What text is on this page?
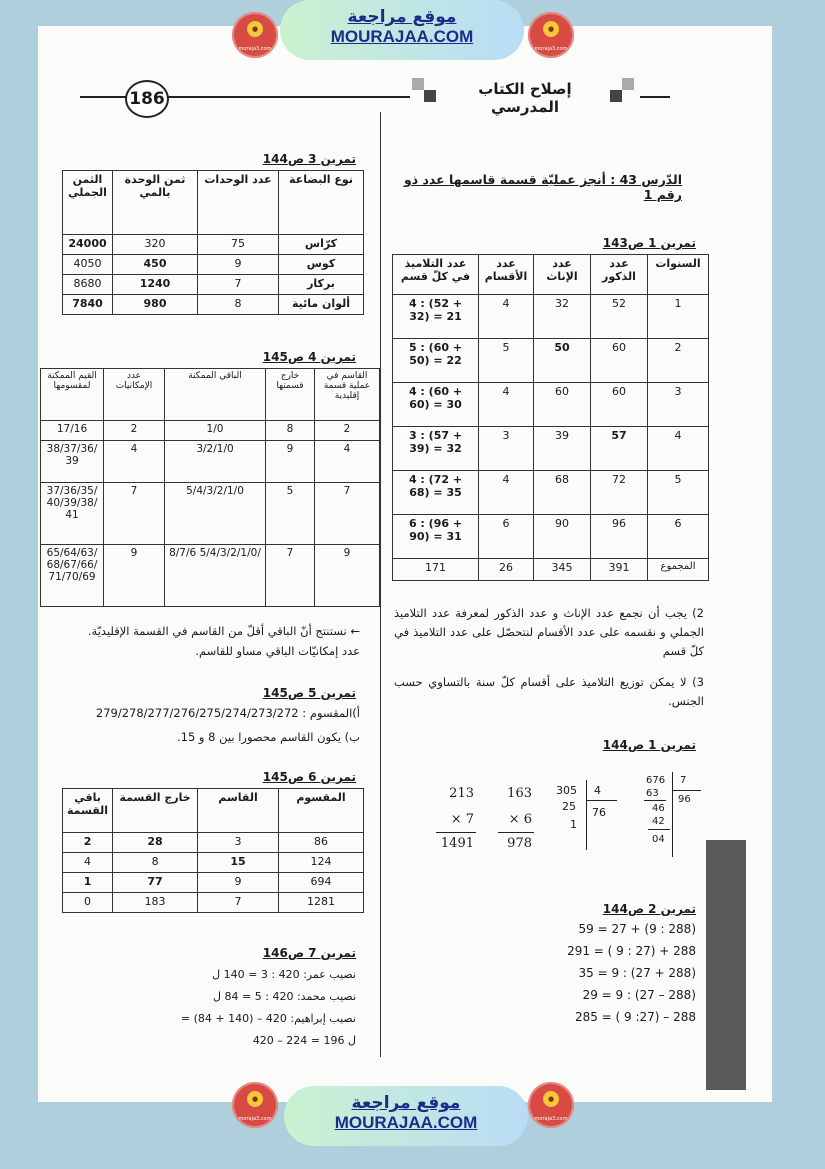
●
moraja3.com
موقع مراجعة
MOURAJAA.COM	●
moraja3.com
186	إصلاح الكتاب المدرسي
الدّرس 43 : أنجز عمليّة قسمة قاسمها عدد ذو رقم 1
تمرين 1 ص143
السنوات	عدد الذكور	عدد الإناث	عدد الأقسام	عدد التلاميذ في كلّ قسم
1	52	32	4	4 : (52 + 32) = 21
2	60	50	5	5 : (60 + 50) = 22
3	60	60	4	4 : (60 + 60) = 30
4	57	39	3	3 : (57 + 39) = 32
5	72	68	4	4 : (72 + 68) = 35
6	96	90	6	6 : (96 + 90) = 31
المجموع	391	345	26	171
2) يجب أن نجمع عدد الإناث و عدد الذكور لمعرفة عدد التلاميذ الجملي و نقسمه على عدد الأقسام لنتحصّل على عدد التلاميذ في كلّ قسم
3) لا يمكن توزيع التلاميذ على أقسام كلّ سنة بالتساوي حسب الجنس.
تمرين 1 ص144
213
× 7
1491
163
× 6
978
305
25
1
4
76
676
63
46
42
04
7
96
تمرين 2 ص144
59 = 27 + (9 : 288)
291 = ( 9 : 27) + 288
35 = 9 : (27 + 288)
29 = 9 : (27 – 288)
285 = ( 9 :27) – 288
تمرين 3 ص144
نوع البضاعة	عدد الوحدات	ثمن الوحدة بالمي	الثمن الجملي
كرّاس	75	320	24000
كوس	9	450	4050
بركار	7	1240	8680
ألوان مائية	8	980	7840
تمرين 4 ص145
القاسم في عملية قسمة إقليدية	خارج قسمتها	الباقي الممكنة	عدد الإمكانيات	القيم الممكنة لمقسومها
2	8	1/0	2	17/16
4	9	3/2/1/0	4	/38/37/36 39
7	5	5/4/3/2/1/0	7	/37/36/35 /40/39/38 41
9	7	/5/4/3/2/1/0 8/7/6	9	/65/64/63 /68/67/66 71/70/69
← نستنتج أنّ الباقي أقلّ من القاسم في القسمة الإقليديّة.
عدد إمكانيّات الباقي مساو للقاسم.
تمرين 5 ص145
أ)المقسوم : 279/278/277/276/275/274/273/272
ب) يكون القاسم محصورا بين 8 و 15.
تمرين 6 ص145
المقسوم	القاسم	خارج القسمة	باقي القسمة
86	3	28	2
124	15	8	4
694	9	77	1
1281	7	183	0
تمرين 7 ص146
نصيب عمر: 420 : 3 = 140 ل
نصيب محمد: 420 : 5 = 84 ل
نصيب إبراهيم: 420 – (140 + 84) =
420 – 224 = 196 ل
●
moraja3.com
موقع مراجعة
MOURAJAA.COM
●
moraja3.com
